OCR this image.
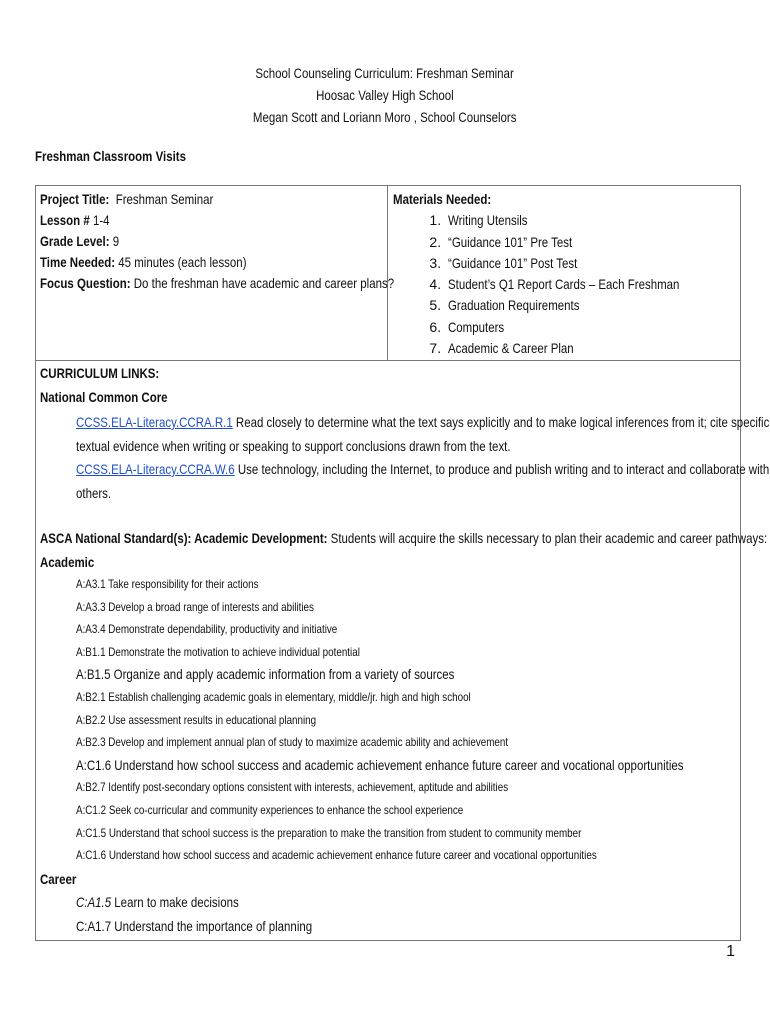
School Counseling Curriculum: Freshman Seminar
Hoosac Valley High School
Megan Scott and Loriann Moro , School Counselors
Freshman Classroom Visits
Project Title: Freshman Seminar
Lesson # 1-4
Grade Level: 9
Time Needed: 45 minutes (each lesson)
Focus Question: Do the freshman have academic and career plans?
Materials Needed:
1. Writing Utensils
2. “Guidance 101” Pre Test
3. “Guidance 101” Post Test
4. Student’s Q1 Report Cards – Each Freshman
5. Graduation Requirements
6. Computers
7. Academic & Career Plan
CURRICULUM LINKS:
National Common Core
CCSS.ELA-Literacy.CCRA.R.1 Read closely to determine what the text says explicitly and to make logical inferences from it; cite specific
textual evidence when writing or speaking to support conclusions drawn from the text.
CCSS.ELA-Literacy.CCRA.W.6 Use technology, including the Internet, to produce and publish writing and to interact and collaborate with
others.
ASCA National Standard(s): Academic Development: Students will acquire the skills necessary to plan their academic and career pathways:
Academic
A:A3.1 Take responsibility for their actions
A:A3.3 Develop a broad range of interests and abilities
A:A3.4 Demonstrate dependability, productivity and initiative
A:B1.1 Demonstrate the motivation to achieve individual potential
A:B1.5 Organize and apply academic information from a variety of sources
A:B2.1 Establish challenging academic goals in elementary, middle/jr. high and high school
A:B2.2 Use assessment results in educational planning
A:B2.3 Develop and implement annual plan of study to maximize academic ability and achievement
A:C1.6 Understand how school success and academic achievement enhance future career and vocational opportunities
A:B2.7 Identify post-secondary options consistent with interests, achievement, aptitude and abilities
A:C1.2 Seek co-curricular and community experiences to enhance the school experience
A:C1.5 Understand that school success is the preparation to make the transition from student to community member
A:C1.6 Understand how school success and academic achievement enhance future career and vocational opportunities
Career
C:A1.5 Learn to make decisions
C:A1.7 Understand the importance of planning
1
